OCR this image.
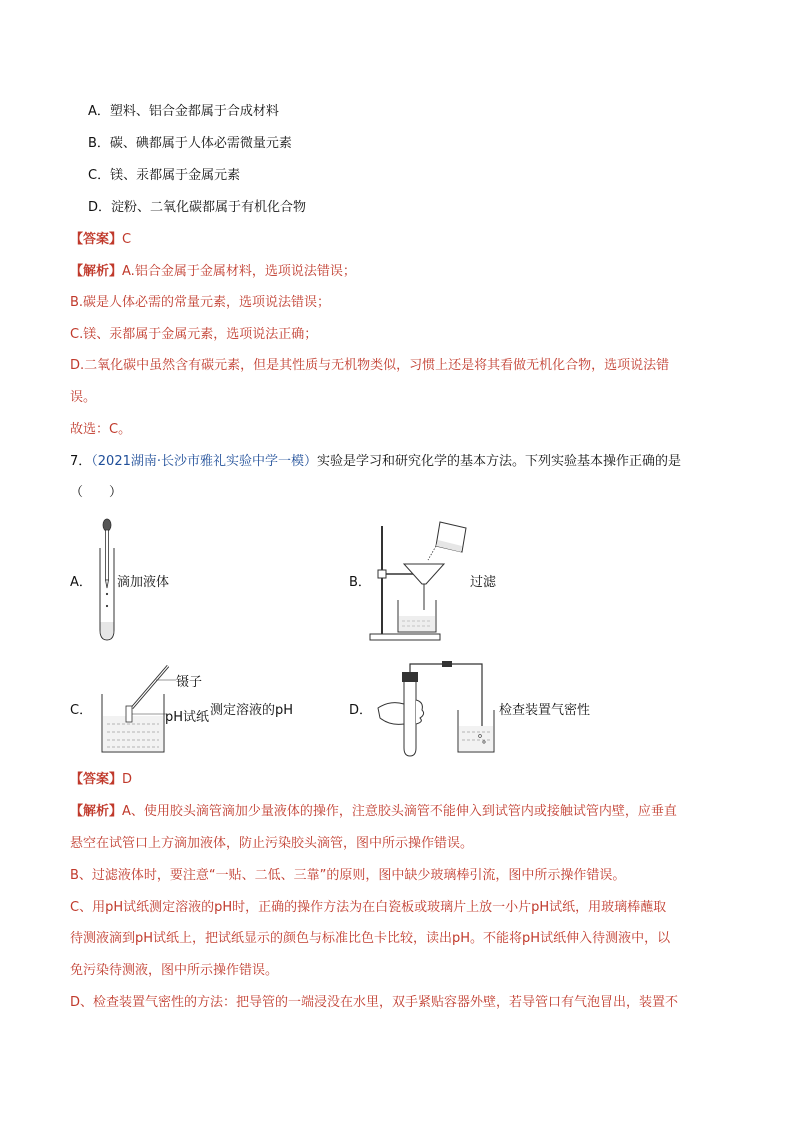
A．塑料、铝合金都属于合成材料
B．碳、碘都属于人体必需微量元素
C．镁、汞都属于金属元素
D．淀粉、二氧化碳都属于有机化合物
【答案】C
【解析】A.铝合金属于金属材料，选项说法错误；
B.碳是人体必需的常量元素，选项说法错误；
C.镁、汞都属于金属元素，选项说法正确；
D.二氧化碳中虽然含有碳元素，但是其性质与无机物类似，习惯上还是将其看做无机化合物，选项说法错
误。
故选：C。
7．（2021湖南·长沙市雅礼实验中学一模）实验是学习和研究化学的基本方法。下列实验基本操作正确的是
（　　）
A． 滴加液体	B．	过滤
C．
镊子
pH试纸 测定溶液的pH	D．	检查装置气密性
【答案】D
【解析】A、使用胶头滴管滴加少量液体的操作，注意胶头滴管不能伸入到试管内或接触试管内壁，应垂直
悬空在试管口上方滴加液体，防止污染胶头滴管，图中所示操作错误。
B、过滤液体时，要注意“一贴、二低、三靠”的原则，图中缺少玻璃棒引流，图中所示操作错误。
C、用pH试纸测定溶液的pH时，正确的操作方法为在白瓷板或玻璃片上放一小片pH试纸，用玻璃棒蘸取
待测液滴到pH试纸上，把试纸显示的颜色与标准比色卡比较，读出pH。不能将pH试纸伸入待测液中，以
免污染待测液，图中所示操作错误。
D、检查装置气密性的方法：把导管的一端浸没在水里，双手紧贴容器外壁，若导管口有气泡冒出，装置不
